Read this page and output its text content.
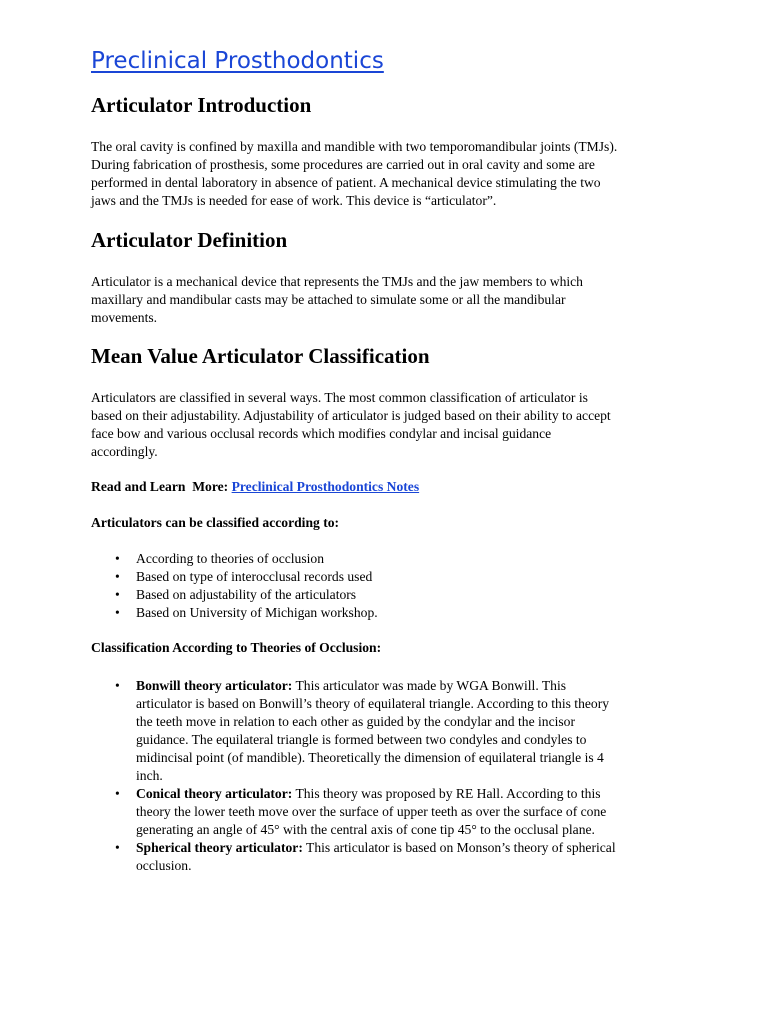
Preclinical Prosthodontics
Articulator Introduction
The oral cavity is confined by maxilla and mandible with two temporomandibular joints (TMJs).
During fabrication of prosthesis, some procedures are carried out in oral cavity and some are
performed in dental laboratory in absence of patient. A mechanical device stimulating the two
jaws and the TMJs is needed for ease of work. This device is “articulator”.
Articulator Definition
Articulator is a mechanical device that represents the TMJs and the jaw members to which
maxillary and mandibular casts may be attached to simulate some or all the mandibular
movements.
Mean Value Articulator Classification
Articulators are classified in several ways. The most common classification of articulator is
based on their adjustability. Adjustability of articulator is judged based on their ability to accept
face bow and various occlusal records which modifies condylar and incisal guidance
accordingly.
Read and Learn  More: Preclinical Prosthodontics Notes
Articulators can be classified according to:
• According to theories of occlusion
• Based on type of interocclusal records used
• Based on adjustability of the articulators
• Based on University of Michigan workshop.
Classification According to Theories of Occlusion:
• Bonwill theory articulator: This articulator was made by WGA Bonwill. This
articulator is based on Bonwill’s theory of equilateral triangle. According to this theory
the teeth move in relation to each other as guided by the condylar and the incisor
guidance. The equilateral triangle is formed between two condyles and condyles to
midincisal point (of mandible). Theoretically the dimension of equilateral triangle is 4
inch.
• Conical theory articulator: This theory was proposed by RE Hall. According to this
theory the lower teeth move over the surface of upper teeth as over the surface of cone
generating an angle of 45° with the central axis of cone tip 45° to the occlusal plane.
• Spherical theory articulator: This articulator is based on Monson’s theory of spherical
occlusion.
